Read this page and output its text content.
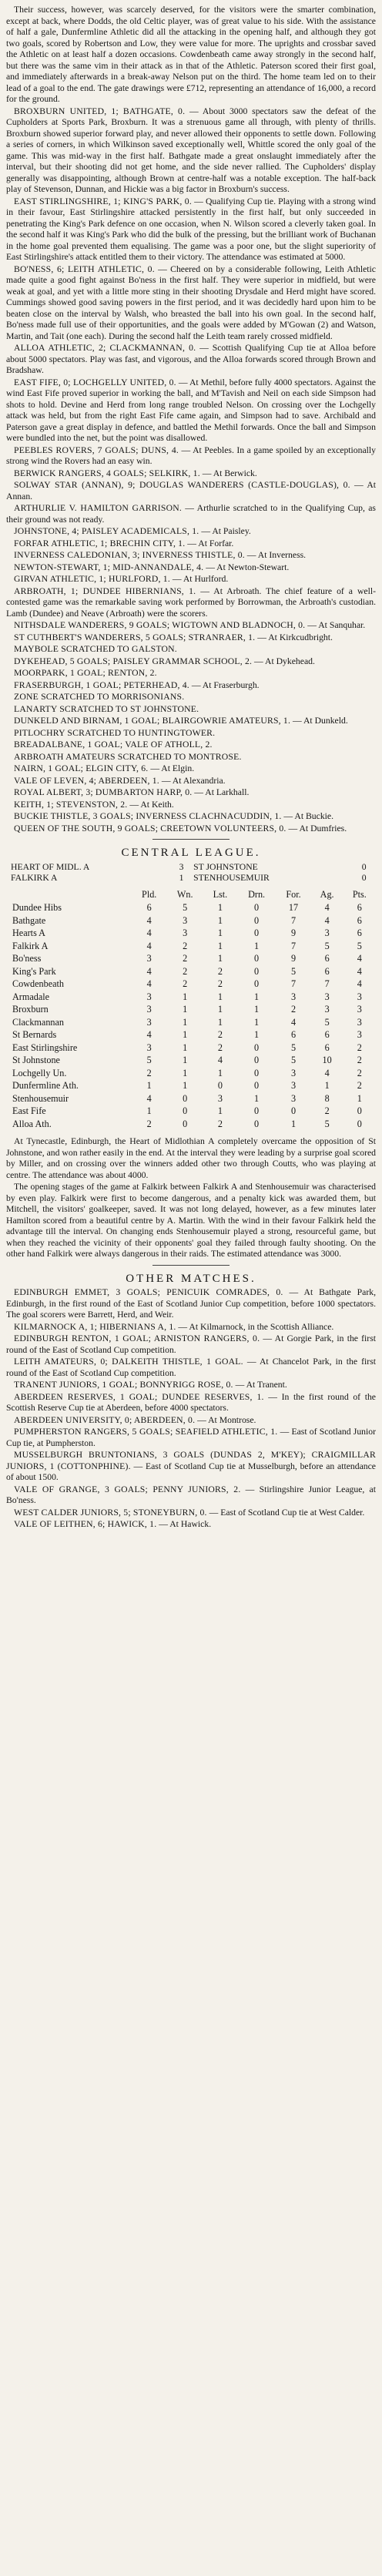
Their success, however, was scarcely deserved, for the visitors were the smarter combination, except at back, where Dodds, the old Celtic player, was of great value to his side. With the assistance of half a gale, Dunfermline Athletic did all the attacking in the opening half, and although they got two goals, scored by Robertson and Low, they were value for more. The uprights and crossbar saved the Athletic on at least half a dozen occasions. Cowdenbeath came away strongly in the second half, but there was the same vim in their attack as in that of the Athletic. Paterson scored their first goal, and immediately afterwards in a break-away Nelson put on the third. The home team led on to their lead of a goal to the end. The gate drawings were £712, representing an attendance of 16,000, a record for the ground.

BROXBURN UNITED, 1; BATHGATE, 0. — About 3000 spectators saw the defeat of the Cupholders at Sports Park, Broxburn. It was a strenuous game all through, with plenty of thrills. Broxburn showed superior forward play, and never allowed their opponents to settle down. Following a series of corners, in which Wilkinson saved exceptionally well, Whittle scored the only goal of the game. This was mid-way in the first half. Bathgate made a great onslaught immediately after the interval, but their shooting did not get home, and the side never rallied. The Cupholders' display generally was disappointing, although Brown at centre-half was a notable exception. The half-back play of Stevenson, Dunnan, and Hickie was a big factor in Broxburn's success.

EAST STIRLINGSHIRE, 1; KING'S PARK, 0. — Qualifying Cup tie. Playing with a strong wind in their favour, East Stirlingshire attacked persistently in the first half, but only succeeded in penetrating the King's Park defence on one occasion, when N. Wilson scored a cleverly taken goal. In the second half it was King's Park who did the bulk of the pressing, but the brilliant work of Buchanan in the home goal prevented them equalising. The game was a poor one, but the slight superiority of East Stirlingshire's attack entitled them to their victory. The attendance was estimated at 5000.

BO'NESS, 6; LEITH ATHLETIC, 0. — Cheered on by a considerable following, Leith Athletic made quite a good fight against Bo'ness in the first half. They were superior in midfield, but were weak at goal, and yet with a little more sting in their shooting Drysdale and Herd might have scored. Cummings showed good saving powers in the first period, and it was decidedly hard upon him to be beaten close on the interval by Walsh, who breasted the ball into his own goal. In the second half, Bo'ness made full use of their opportunities, and the goals were added by M'Gowan (2) and Watson, Martin, and Tait (one each). During the second half the Leith team rarely crossed midfield.

ALLOA ATHLETIC, 2; CLACKMANNAN, 0. — Scottish Qualifying Cup tie at Alloa before about 5000 spectators. Play was fast, and vigorous, and the Alloa forwards scored through Brown and Bradshaw.

EAST FIFE, 0; LOCHGELLY UNITED, 0. — At Methil, before fully 4000 spectators. Against the wind East Fife proved superior in working the ball, and M'Tavish and Neil on each side Simpson had shots to hold. Devine and Herd from long range troubled Nelson. On crossing over the Lochgelly attack was held, but from the right East Fife came again, and Simpson had to save. Archibald and Paterson gave a great display in defence, and battled the Methil forwards. Once the ball and Simpson were bundled into the net, but the point was disallowed.

PEEBLES ROVERS, 7 GOALS; DUNS, 4. — At Peebles. In a game spoiled by an exceptionally strong wind the Rovers had an easy win.

BERWICK RANGERS, 4 GOALS; SELKIRK, 1. — At Berwick.

SOLWAY STAR (ANNAN), 9; DOUGLAS WANDERERS (CASTLE-DOUGLAS), 0. — At Annan.

ARTHURLIE V. HAMILTON GARRISON. — Arthurlie scratched to in the Qualifying Cup, as their ground was not ready.

JOHNSTONE, 4; PAISLEY ACADEMICALS, 1. — At Paisley.

FORFAR ATHLETIC, 1; BRECHIN CITY, 1. — At Forfar.

INVERNESS CALEDONIAN, 3; INVERNESS THISTLE, 0. — At Inverness.

NEWTON-STEWART, 1; MID-ANNANDALE, 4. — At Newton-Stewart.

GIRVAN ATHLETIC, 1; HURLFORD, 1. — At Hurlford.

ARBROATH, 1; DUNDEE HIBERNIANS, 1. — At Arbroath. The chief feature of a well-contested game was the remarkable saving work performed by Borrowman, the Arbroath's custodian. Lamb (Dundee) and Neave (Arbroath) were the scorers.

NITHSDALE WANDERERS, 9 GOALS; WIGTOWN AND BLADNOCH, 0. — At Sanquhar.

ST CUTHBERT'S WANDERERS, 5 GOALS; STRANRAER, 1. — At Kirkcudbright.

MAYBOLE SCRATCHED TO GALSTON.

DYKEHEAD, 5 GOALS; PAISLEY GRAMMAR SCHOOL, 2. — At Dykehead.

MOORPARK, 1 GOAL; RENTON, 2.

FRASERBURGH, 1 GOAL; PETERHEAD, 4. — At Fraserburgh.

ZONE SCRATCHED TO MORRISONIANS.

LANARTY SCRATCHED TO ST JOHNSTONE.

DUNKELD AND BIRNAM, 1 GOAL; BLAIRGOWRIE AMATEURS, 1. — At Dunkeld.

PITLOCHRY SCRATCHED TO HUNTINGTOWER.

BREADALBANE, 1 GOAL; VALE OF ATHOLL, 2.

ARBROATH AMATEURS SCRATCHED TO MONTROSE.

NAIRN, 1 GOAL; ELGIN CITY, 6. — At Elgin.

VALE OF LEVEN, 4; ABERDEEN, 1. — At Alexandria.

ROYAL ALBERT, 3; DUMBARTON HARP, 0. — At Larkhall.

KEITH, 1; STEVENSTON, 2. — At Keith.

BUCKIE THISTLE, 3 GOALS; INVERNESS CLACHNACUDDIN, 1. — At Buckie.

QUEEN OF THE SOUTH, 9 GOALS; CREETOWN VOLUNTEERS, 0. — At Dumfries.

CENTRAL LEAGUE.
HEART OF MIDL. A	3	ST JOHNSTONE	0
FALKIRK A	1	STENHOUSEMUIR	0
	Pld.	Wn.	Lst.	Drn.	For.	Ag.	Pts.
Dundee Hibs	6	5	1	0	17	4	6
Bathgate	4	3	1	0	7	4	6
Hearts A	4	3	1	0	9	3	6
Falkirk A	4	2	1	1	7	5	5
Bo'ness	3	2	1	0	9	6	4
King's Park	4	2	2	0	5	6	4
Cowdenbeath	4	2	2	0	7	7	4
Armadale	3	1	1	1	3	3	3
Broxburn	3	1	1	1	2	3	3
Clackmannan	3	1	1	1	4	5	3
St Bernards	4	1	2	1	6	6	3
East Stirlingshire	3	1	2	0	5	6	2
St Johnstone	5	1	4	0	5	10	2
Lochgelly Un.	2	1	1	0	3	4	2
Dunfermline Ath.	1	1	0	0	3	1	2
Stenhousemuir	4	0	3	1	3	8	1
East Fife	1	0	1	0	0	2	0
Alloa Ath.	2	0	2	0	1	5	0

At Tynecastle, Edinburgh, the Heart of Midlothian A completely overcame the opposition of St Johnstone, and won rather easily in the end. At the interval they were leading by a surprise goal scored by Miller, and on crossing over the winners added other two through Coutts, who was playing at centre. The attendance was about 4000.

The opening stages of the game at Falkirk between Falkirk A and Stenhousemuir was characterised by even play. Falkirk were first to become dangerous, and a penalty kick was awarded them, but Mitchell, the visitors' goalkeeper, saved. It was not long delayed, however, as a few minutes later Hamilton scored from a beautiful centre by A. Martin. With the wind in their favour Falkirk held the advantage till the interval. On changing ends Stenhousemuir played a strong, resourceful game, but when they reached the vicinity of their opponents' goal they failed through faulty shooting. On the other hand Falkirk were always dangerous in their raids. The estimated attendance was 3000.

OTHER MATCHES.

EDINBURGH EMMET, 3 GOALS; PENICUIK COMRADES, 0. — At Bathgate Park, Edinburgh, in the first round of the East of Scotland Junior Cup competition, before 1000 spectators. The goal scorers were Barrett, Herd, and Weir.

KILMARNOCK A, 1; HIBERNIANS A, 1. — At Kilmarnock, in the Scottish Alliance.

EDINBURGH RENTON, 1 GOAL; ARNISTON RANGERS, 0. — At Gorgie Park, in the first round of the East of Scotland Cup competition.

LEITH AMATEURS, 0; DALKEITH THISTLE, 1 GOAL. — At Chancelot Park, in the first round of the East of Scotland Cup competition.

TRANENT JUNIORS, 1 GOAL; BONNYRIGG ROSE, 0. — At Tranent.

ABERDEEN RESERVES, 1 GOAL; DUNDEE RESERVES, 1. — In the first round of the Scottish Reserve Cup tie at Aberdeen, before 4000 spectators.

ABERDEEN UNIVERSITY, 0; ABERDEEN, 0. — At Montrose.

PUMPHERSTON RANGERS, 5 GOALS; SEAFIELD ATHLETIC, 1. — East of Scotland Junior Cup tie, at Pumpherston.

MUSSELBURGH BRUNTONIANS, 3 GOALS (DUNDAS 2, M'KEY); CRAIGMILLAR JUNIORS, 1 (COTTONPHINE). — East of Scotland Cup tie at Musselburgh, before an attendance of about 1500.

VALE OF GRANGE, 3 GOALS; PENNY JUNIORS, 2. — Stirlingshire Junior League, at Bo'ness.

WEST CALDER JUNIORS, 5; STONEYBURN, 0. — East of Scotland Cup tie at West Calder.

VALE OF LEITHEN, 6; HAWICK, 1. — At Hawick.
